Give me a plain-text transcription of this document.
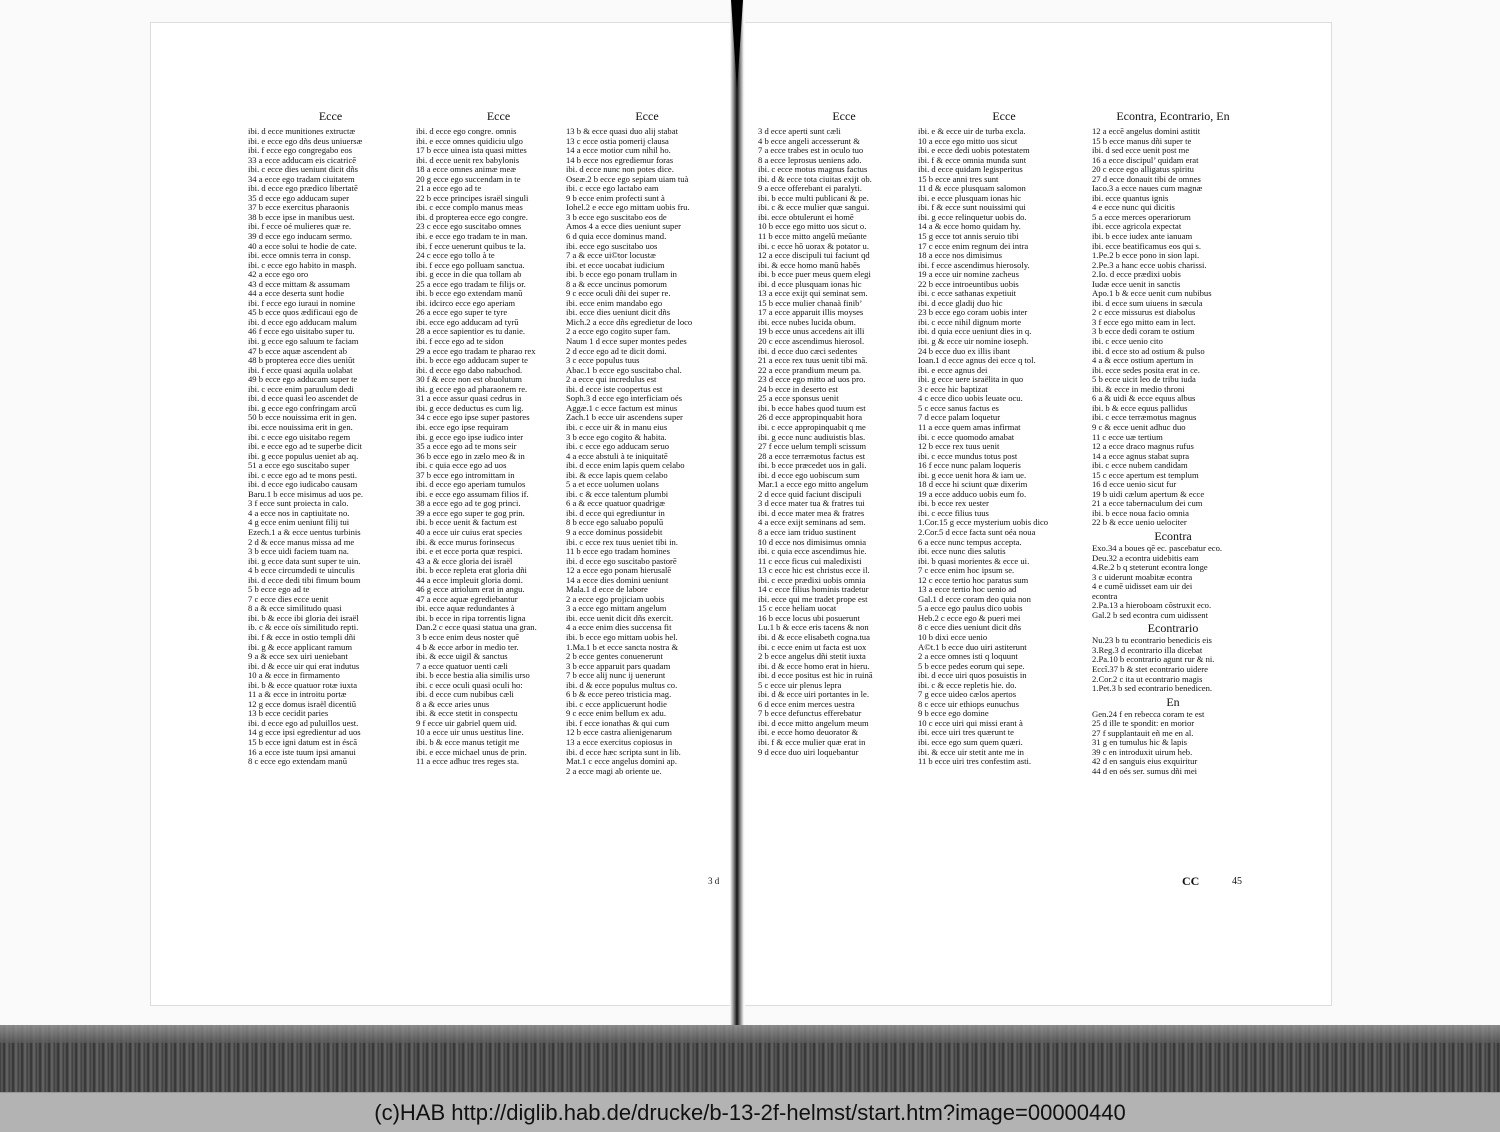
Ecce
ibi. d ecce munitiones extructæ
ibi. e ecce ego dñs deus uniuersæ
ibi. f ecce ego congregabo eos
33 a ecce adducam eis cicatricē
ibi. c ecce dies ueniunt dicit dñs
34 a ecce ego tradam ciuitatem
ibi. d ecce ego prædico libertatē
35 d ecce ego adducam super
37 b ecce exercitus pharaonis
38 b ecce ipse in manibus uest.
ibi. f ecce oé mulieres quæ re.
39 d ecce ego inducam sermo.
40 a ecce solui te hodie de cate.
ibi. ecce omnis terra in consp.
ibi. c ecce ego habito in masph.
42 a ecce ego oro
43 d ecce mittam & assumam
44 a ecce deserta sunt hodie
ibi. f ecce ego iuraui in nomine
45 b ecce quos ædificaui ego de
ibi. d ecce ego adducam malum
46 f ecce ego uisitabo super tu.
ibi. g ecce ego saluum te faciam
47 b ecce aquæ ascendent ab
48 b propterea ecce dies ueniūt
ibi. f ecce quasi aquila uolabat
49 b ecce ego adducam super te
ibi. c ecce enim paruulum dedi
ibi. d ecce quasi leo ascendet de
ibi. g ecce ego confringam arcū
50 b ecce nouissima erit in gen.
ibi. ecce nouissima erit in gen.
ibi. c ecce ego uisitabo regem
ibi. e ecce ego ad te superbe dicit
ibi. g ecce populus ueniet ab aq.
51 a ecce ego suscitabo super
ibi. c ecce ego ad te mons pesti.
ibi. d ecce ego iudicabo causam
Baru.1 b ecce misimus ad uos pe.
3 f ecce sunt proiecta in calo.
4 a ecce nos in captiuitate no.
4 g ecce enim ueniunt filij tui
Ezech.1 a & ecce uentus turbinis
2 d & ecce manus missa ad me
3 b ecce uidi faciem tuam na.
ibi. g ecce data sunt super te uin.
4 b ecce circumdedi te uinculis
ibi. d ecce dedi tibi fimum boum
5 b ecce ego ad te
7 c ecce dies ecce uenit
8 a & ecce similitudo quasi
ibi. b & ecce ibi gloria dei israël
ib. c & ecce oís similitudo repti.
ibi. f & ecce in ostio templi dñi
ibi. g & ecce applicant ramum
9 a & ecce sex uiri ueniebant
ibi. d & ecce uir qui erat indutus
10 a & ecce in firmamento
ibi. b & ecce quatuor rotæ iuxta
11 a & ecce in introitu portæ
12 g ecce domus israël dicentiū
13 b ecce cecidit paries
ibi. d ecce ego ad puluillos uest.
14 g ecce ipsi egredientur ad uos
15 b ecce igni datum est in éscā
16 a ecce iste tuum ipsi amanui
8 c ecce ego extendam manū
Ecce
ibi. d ecce ego congre. omnis
ibi. e ecce omnes quidiciu ulgo
17 b ecce uinea ista quasi mittes
ibi. d ecce uenit rex babylonis
18 a ecce omnes animæ meæ
20 g ecce ego succendam in te
21 a ecce ego ad te
22 b ecce principes israël singuli
ibi. c ecce complo manus meas
ibi. d propterea ecce ego congre.
23 c ecce ego suscitabo omnes
ibi. e ecce ego tradam te in man.
ibi. f ecce uenerunt quibus te la.
24 c ecce ego tollo à te
ibi. f ecce ego polluam sanctua.
ibi. g ecce in die qua tollam ab
25 a ecce ego tradam te filijs or.
ibi. b ecce ego extendam manū
ibi. idcirco ecce ego aperiam
26 a ecce ego super te tyre
ibi. ecce ego adducam ad tyrū
28 a ecce sapientior es tu danie.
ibi. f ecce ego ad te sidon
29 a ecce ego tradam te pharao rex
ibi. b ecce ego adducam super te
ibi. d ecce ego dabo nabuchod.
30 f & ecce non est obuolutum
ibi. g ecce ego ad pharaonem re.
31 a ecce assur quasi cedrus in
ibi. g ecce deductus es cum lig.
34 c ecce ego ipse super pastores
ibi. ecce ego ipse requiram
ibi. g ecce ego ipse iudico inter
35 a ecce ego ad te mons seir
36 b ecce ego in zælo meo & in
ibi. c quia ecce ego ad uos
37 b ecce ego intromittam in
ibi. d ecce ego aperiam tumulos
ibi. e ecce ego assumam filios if.
38 a ecce ego ad te gog princi.
39 a ecce ego super te gog prin.
ibi. b ecce uenit & factum est
40 a ecce uir cuius erat species
ibi. & ecce murus forinsecus
ibi. e et ecce porta quæ respici.
43 a & ecce gloria dei israël
ibi. b ecce repleta erat gloria dñi
44 a ecce impleuit gloria domi.
46 g ecce atriolum erat in angu.
47 a ecce aquæ egrediebantur
ibi. ecce aquæ redundantes à
ibi. b ecce in ripa torrentis ligna
Dan.2 c ecce quasi statua una gran.
3 b ecce enim deus noster quē
4 b & ecce arbor in medio ter.
ibi. & ecce uigil & sanctus
7 a ecce quatuor uenti cæli
ibi. b ecce bestia alia similis urso
ibi. c ecce oculi quasi oculi ho:
ibi. d ecce cum nubibus cæli
8 a & ecce aries unus
ibi. & ecce stetit in conspectu
9 f ecce uir gabriel quem uid.
10 a ecce uir unus uestitus line.
ibi. b & ecce manus tetigit me
ibi. e ecce michael unus de prin.
11 a ecce adhuc tres reges sta.
Ecce
13 b & ecce quasi duo alij stabat
13 c ecce ostia pomerij clausa
14 a ecce motior cum nihil ho.
14 b ecce nos egrediemur foras
ibi. d ecce nunc non potes dice.
Oseæ.2 b ecce ego sepiam uiam tuà
ibi. c ecce ego lactabo eam
9 b ecce enim profecti sunt à
Iohel.2 e ecce ego mittam uobis fru.
3 b ecce ego suscitabo eos de
Amos 4 a ecce dies ueniunt super
6 d quia ecce dominus mand.
ibi. ecce ego suscitabo uos
7 a & ecce ui©tor locustæ
ibi. et ecce uocabat iudicium
ibi. b ecce ego ponam trullam in
8 a & ecce uncinus pomorum
9 c ecce oculi dñi dei super re.
ibi. ecce enim mandabo ego
ibi. ecce dies ueniunt dicit dñs
Mich.2 a ecce dñs egredietur de loco
2 a ecce ego cogito super fam.
Naum 1 d ecce super montes pedes
2 d ecce ego ad te dicit domi.
3 c ecce populus tuus
Abac.1 b ecce ego suscitabo chal.
2 a ecce qui incredulus est
ibi. d ecce iste coopertus est
Soph.3 d ecce ego interficiam oés
Aggæ.1 c ecce factum est minus
Zach.1 b ecce uir ascendens super
ibi. c ecce uir & in manu eius
3 b ecce ego cogito & habita.
ibi. c ecce ego adducam seruo
4 a ecce abstuli à te iniquitatē
ibi. d ecce enim lapis quem celabo
ibi. & ecce lapis quem celabo
5 a et ecce uolumen uolans
ibi. c & ecce talentum plumbi
6 a & ecce quatuor quadrigæ
ibi. d ecce qui egrediuntur in
8 b ecce ego saluabo populū
9 a ecce dominus possidebit
ibi. c ecce rex tuus ueniet tibi in.
11 b ecce ego tradam homines
ibi. d ecce ego suscitabo pastorē
12 a ecce ego ponam hierusalē
14 a ecce dies domini ueniunt
Mala.1 d ecce de labore
2 a ecce ego projiciam uobis
3 a ecce ego mittam angelum
ibi. ecce uenit dicit dñs exercit.
4 a ecce enim dies succensa fit
ibi. b ecce ego mittam uobis hel.
1.Ma.1 b et ecce sancta nostra &
2 b ecce gentes conuenerunt
3 b ecce apparuit pars quadam
7 b ecce alij nunc ij uenerunt
ibi. d & ecce populus multus co.
6 b & ecce pereo tristicia mag.
ibi. c ecce applicuerunt hodie
9 c ecce enim bellum ex adu.
ibi. f ecce ionathas & qui cum
12 b ecce castra alienigenarum
13 a ecce exercitus copiosus in
ibi. d ecce hæc scripta sunt in lib.
Mat.1 c ecce angelus domini ap.
2 a ecce magi ab oriente ue.
Ecce
3 d ecce aperti sunt cæli
4 b ecce angeli accesserunt &
7 a ecce trabes est in oculo tuo
8 a ecce leprosus ueniens ado.
ibi. c ecce motus magnus factus
ibi. d & ecce tota ciuitas exijt ob.
9 a ecce offerebant ei paralyti.
ibi. b ecce multi publicani & pe.
ibi. c & ecce mulier quæ sangui.
ibi. ecce obtulerunt ei homē
10 b ecce ego mitto uos sicut o.
11 b ecce mitto angelū meūante
ibi. c ecce hõ uorax & potator u.
12 a ecce discipuli tui faciunt qd
ibi. & ecce homo manū habēs
ibi. b ecce puer meus quem elegi
ibi. d ecce plusquam ionas hic
13 a ecce exijt qui seminat sem.
15 b ecce mulier chanaà finib’
17 a ecce apparuit illis moyses
ibi. ecce nubes lucida obum.
19 b ecce unus accedens ait illi
20 c ecce ascendimus hierosol.
ibi. d ecce duo cæci sedentes
21 a ecce rex tuus uenit tibi mā.
22 a ecce prandium meum pa.
23 d ecce ego mitto ad uos pro.
24 b ecce in deserto est
25 a ecce sponsus uenit
ibi. b ecce habes quod tuum est
26 d ecce appropinquabit hora
ibi. c ecce appropinquabit q me
ibi. g ecce nunc audiuistis blas.
27 f ecce uelum templi scissum
28 a ecce terræmotus factus est
ibi. b ecce præcedet uos in gali.
ibi. d ecce ego uobiscum sum
Mar.1 a ecce ego mitto angelum
2 d ecce quid faciunt discipuli
3 d ecce mater tua & fratres tui
ibi. d ecce mater mea & fratres
4 a ecce exijt seminans ad sem.
8 a ecce iam triduo sustinent
10 d ecce nos dimisimus omnia
ibi. c quia ecce ascendimus hie.
11 c ecce ficus cui maledixisti
13 c ecce hic est christus ecce il.
ibi. c ecce prædixi uobis omnia
14 c ecce filius hominis tradetur
ibi. ecce qui me tradet prope est
15 c ecce heliam uocat
16 b ecce locus ubi posuerunt
Lu.1 b & ecce eris tacens & non
ibi. d & ecce elisabeth cogna.tua
ibi. c ecce enim ut facta est uox
2 b ecce angelus dñi stetit iuxta
ibi. d & ecce homo erat in hieru.
ibi. d ecce positus est hic in ruinā
5 c ecce uir plenus lepra
ibi. d & ecce uiri portantes in le.
6 d ecce enim merces uestra
7 b ecce defunctus efferebatur
ibi. d ecce mitto angelum meum
ibi. e ecce homo deuorator &
ibi. f & ecce mulier quæ erat in
9 d ecce duo uiri loquebantur
Ecce
ibi. e & ecce uir de turba excla.
10 a ecce ego mitto uos sicut
ibi. e ecce dedi uobis potestatem
ibi. f & ecce omnia munda sunt
ibi. d ecce quidam legisperitus
15 b ecce anni tres sunt
11 d & ecce plusquam salomon
ibi. e ecce plusquam ionas hic
ibi. f & ecce sunt nouissimi qui
ibi. g ecce relinquetur uobis do.
14 a & ecce homo quidam hy.
15 g ecce tot annis seruio tibi
17 c ecce enim regnum dei intra
18 a ecce nos dimisimus
ibi. f ecce ascendimus hierosoly.
19 a ecce uir nomine zacheus
22 b ecce introeuntibus uobis
ibi. c ecce sathanas expetiuit
ibi. d ecce gladij duo hic
23 b ecce ego coram uobis inter
ibi. c ecce nihil dignum morte
ibi. d quia ecce ueniunt dies in q.
ibi. g & ecce uir nomine ioseph.
24 b ecce duo ex illis ibant
Ioan.1 d ecce agnus dei ecce q tol.
ibi. e ecce agnus dei
ibi. g ecce uere israëlita in quo
3 c ecce hic baptizat
4 c ecce dico uobis leuate ocu.
5 c ecce sanus factus es
7 d ecce palam loquetur
11 a ecce quem amas infirmat
ibi. c ecce quomodo amabat
12 b ecce rex tuus uenit
ibi. c ecce mundus totus post
16 f ecce nunc palam loqueris
ibi. g ecce uenit hora & iam ue.
18 d ecce hi sciunt quæ dixerim
19 a ecce adduco uobis eum fo.
ibi. b ecce rex uester
ibi. c ecce filius tuus
1.Cor.15 g ecce mysterium uobis dico
2.Cor.5 d ecce facta sunt oéa noua
6 a ecce nunc tempus accepta.
ibi. ecce nunc dies salutis
ibi. b quasi morientes & ecce ui.
7 c ecce enim hoc ipsum se.
12 c ecce tertio hoc paratus sum
13 a ecce tertio hoc uenio ad
Gal.1 d ecce coram deo quia non
5 a ecce ego paulus dico uobis
Heb.2 c ecce ego & pueri mei
8 c ecce dies ueniunt dicit dñs
10 b dixi ecce uenio
A©t.1 b ecce duo uiri astiterunt
2 a ecce omnes isti q loquunt
5 b ecce pedes eorum qui sepe.
ibi. d ecce uiri quos posuistis in
ibi. c & ecce repletis hie. do.
7 g ecce uideo cælos apertos
8 c ecce uir ethiops eunuchus
9 b ecce ego domine
10 c ecce uiri qui missi erant à
ibi. ecce uiri tres quærunt te
ibi. ecce ego sum quem quæri.
ibi. & ecce uir stetit ante me in
11 b ecce uiri tres confestim asti.
Econtra, Econtrario, En
12 a eccē angelus domini astitit
15 b ecce manus dñi super te
ibi. d sed ecce uenit post me
16 a ecce discipul’ quidam erat
20 c ecce ego alligatus spiritu
27 d ecce donauit tibi de omnes
Iaco.3 a ecce naues cum magnæ
ibi. ecce quantus ignis
4 e ecce nunc qui dicitis
5 a ecce merces operariorum
ibi. ecce agricola expectat
ibi. b ecce iudex ante ianuam
ibi. ecce beatificamus eos qui s.
1.Pe.2 b ecce pono in sion lapi.
2.Pe.3 a hanc ecce uobis charissi.
2.Io. d ecce prædixi uobis
Iudæ ecce uenit in sanctis
Apo.1 b & ecce uenit cum nubibus
ibi. d ecce sum uiuens in sæcula
2 c ecce missurus est diabolus
3 f ecce ego mitto eam in lect.
3 b ecce dedi coram te ostium
ibi. c ecce uenio cito
ibi. d ecce sto ad ostium & pulso
4 a & ecce ostium apertum in
ibi. ecce sedes posita erat in ce.
5 b ecce uicit leo de tribu iuda
ibi. & ecce in medio throni
6 a & uidi & ecce equus albus
ibi. b & ecce equus pallidus
ibi. c ecce terræmotus magnus
9 c & ecce uenit adhuc duo
11 c ecce uæ tertium
12 a ecce draco magnus rufus
14 a ecce agnus stabat supra
ibi. c ecce nubem candidam
15 c ecce apertum est templum
16 d ecce uenio sicut fur
19 b uidi cælum apertum & ecce
21 a ecce tabernaculum dei cum
ibi. b ecce noua facio omnia
22 b & ecce uenio uelociter
Econtra
Exo.34 a boues qē ec. pascebatur eco.
Deu.32 a econtra uidebitis eam
4.Re.2 b q steterunt econtra longe
3 c uiderunt moabitæ econtra
4 e cumē uidisset eam uir dei
econtra
2.Pa.13 a hieroboam cõstruxit eco.
Gal.2 b sed econtra cum uidissent
Econtrario
Nu.23 b tu econtrario benedicis eis
3.Reg.3 d econtrario illa dicebat
2.Pa.10 b econtrario agunt rur & ni.
Eccî.37 b & stet econtrario uidere
2.Cor.2 c ita ut econtrario magis
1.Pet.3 b sed econtrario benedicen.
En
Gen.24 f en rebecca coram te est
25 d ille te spondit: en morior
27 f supplantauit eñ me en al.
31 g en tumulus hic & lapis
39 c en introduxit uirum heb.
42 d en sanguis eius exquiritur
44 d en oés ser. sumus dñi mei
CC	45
3 d
(c)HAB http://diglib.hab.de/drucke/b-13-2f-helmst/start.htm?image=00000440
